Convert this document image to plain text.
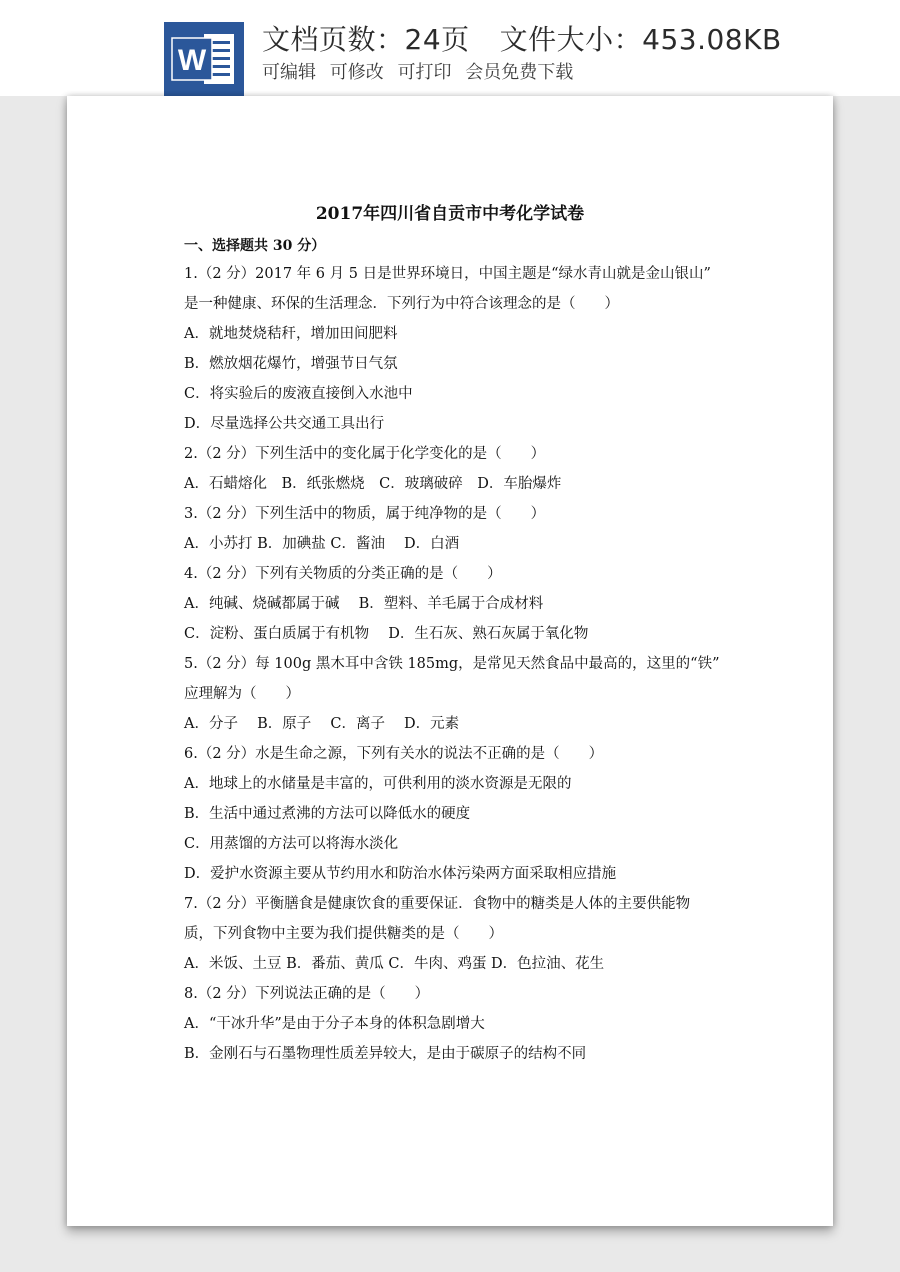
W
文档页数：24页 文件大小：453.08KB
可编辑 可修改 可打印 会员免费下载
2017年四川省自贡市中考化学试卷
一、选择题共 30 分）
1.（2 分）2017 年 6 月 5 日是世界环境日，中国主题是“绿水青山就是金山银山”
是一种健康、环保的生活理念．下列行为中符合该理念的是（　　）
A．就地焚烧秸秆，增加田间肥料
B．燃放烟花爆竹，增强节日气氛
C．将实验后的废液直接倒入水池中
D．尽量选择公共交通工具出行
2.（2 分）下列生活中的变化属于化学变化的是（　　）
A．石蜡熔化　B．纸张燃烧　C．玻璃破碎　D．车胎爆炸
3.（2 分）下列生活中的物质，属于纯净物的是（　　）
A．小苏打 B．加碘盐 C．酱油　 D．白酒
4.（2 分）下列有关物质的分类正确的是（　　）
A．纯碱、烧碱都属于碱　 B．塑料、羊毛属于合成材料
C．淀粉、蛋白质属于有机物　 D．生石灰、熟石灰属于氧化物
5.（2 分）每 100g 黑木耳中含铁 185mg，是常见天然食品中最高的，这里的“铁”
应理解为（　　）
A．分子　 B．原子　 C．离子　 D．元素
6.（2 分）水是生命之源，下列有关水的说法不正确的是（　　）
A．地球上的水储量是丰富的，可供利用的淡水资源是无限的
B．生活中通过煮沸的方法可以降低水的硬度
C．用蒸馏的方法可以将海水淡化
D．爱护水资源主要从节约用水和防治水体污染两方面采取相应措施
7.（2 分）平衡膳食是健康饮食的重要保证．食物中的糖类是人体的主要供能物
质，下列食物中主要为我们提供糖类的是（　　）
A．米饭、土豆 B．番茄、黄瓜 C．牛肉、鸡蛋 D．色拉油、花生
8.（2 分）下列说法正确的是（　　）
A．“干冰升华”是由于分子本身的体积急剧增大
B．金刚石与石墨物理性质差异较大，是由于碳原子的结构不同
